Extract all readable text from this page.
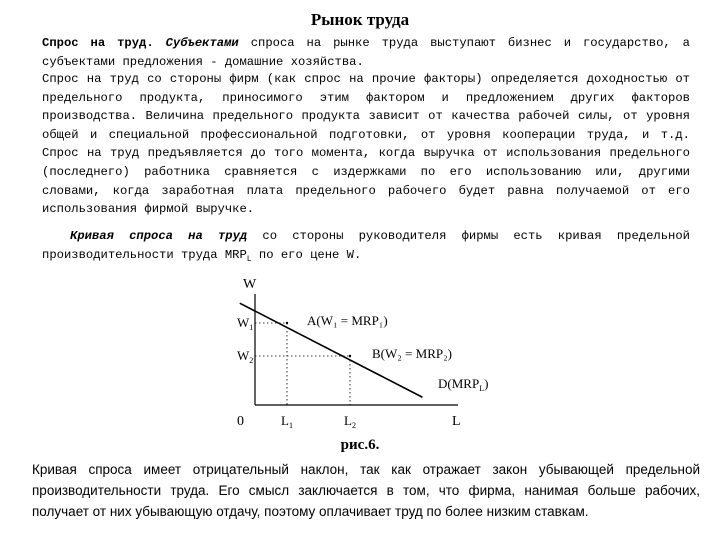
Рынок труда

Спрос на труд. Субъектами спроса на рынке труда выступают бизнес и государство, а субъектами предложения - домашние хозяйства.

Спрос на труд со стороны фирм (как спрос на прочие факторы) определяется доходностью от предельного продукта, приносимого этим фактором и предложением других факторов производства. Величина предельного продукта зависит от качества рабочей силы, от уровня общей и специальной профессиональной подготовки, от уровня кооперации труда, и т.д. Спрос на труд предъявляется до того момента, когда выручка от использования предельного (последнего) работника сравняется с издержками по его использованию или, другими словами, когда заработная плата предельного рабочего будет равна получаемой от его использования фирмой выручке.

Кривая спроса на труд со стороны руководителя фирмы есть кривая предельной производительности труда $MRP_L$ по его цене W.

W
L
0
$W_1$
$W_2$
$L_1$	$L_2$
$D(MRP_L)$
A(W₁ = MRP₁)
B(W₂ = MRP₂)
рис.6.

Кривая спроса имеет отрицательный наклон, так как отражает закон убывающей предельной производительности труда. Его смысл заключается в том, что фирма, нанимая больше рабочих, получает от них убывающую отдачу, поэтому оплачивает труд по более низким ставкам.
